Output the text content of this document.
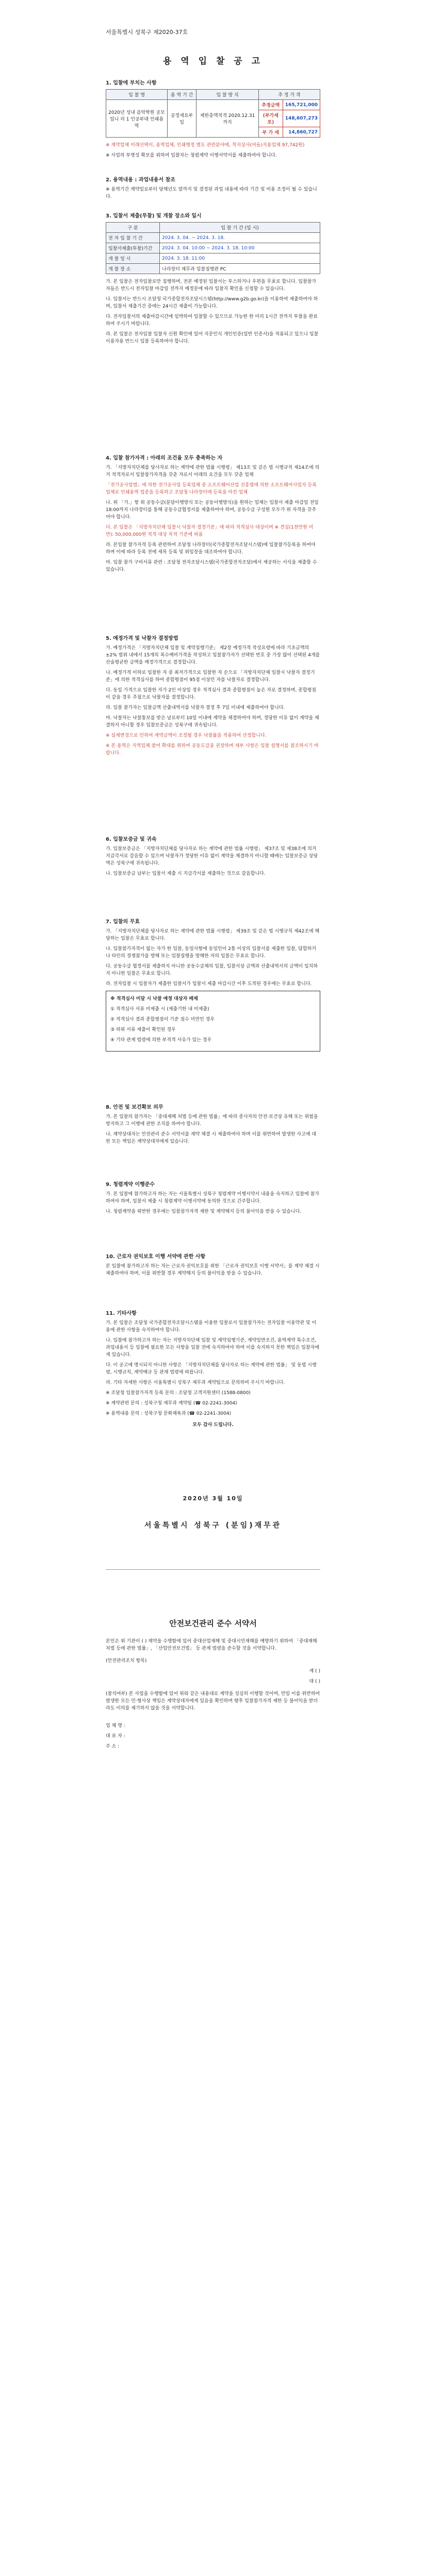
서울특별시 성북구 제2020-37호
용 역 입 찰 공 고
1. 입찰에 부치는 사항
입 찰 명	용 역 기 간	입 찰 방 식	추 정 가 격	
2020년 성내 음악학원 공모입니 리 1 인공부대 인쇄용역	공정세요부 일	제한총액적격 2020.12.31까지	추정금액	165,721,000
			(부가세포)	148,607,273
			부 가 세	14,860,727
※ 계약업체 미래선택이, 용역업체, 인쇄행정 별도 관련분야에, 착지상사(어들)지용업체 97,742원)
※ 사업의 투명성 확보를 위하여 입찰자는 청렴계약 이행서약서를 제출하여야 합니다.
2. 용역내용 : 과업내용서 참조
※ 용역기간 계약일로부터 당해년도 말까지 및 결정된 과업 내용에 따라 기간 및 비용 조정이 될 수 있습니다.
3. 입찰서 제출(투찰) 및 개찰 장소와 일시
구 분	입 찰 기 간 (일 시)
전 자 입 찰 기 간	2024. 3. 04. ~ 2024. 3. 18.
입찰서제출(투찰)기간	2024. 3. 04. 10:00 ~ 2024. 3. 18. 10:00
개 찰 일 시	2024. 3. 18. 11:00
개 찰 장 소	나라장터 재무과 입찰집행관 PC
가. 본 입찰은 전자입찰로만 집행하며, 전본 예정된 입찰서는 투스하거나 우편을 무효로 합니다. 입찰참가자들은 반드시 전자입찰 마감일 전까지 예정문에 따라 입찰지 확인을 신청할 수 있습니다.
나. 입찰서는 반드시 조달청 국가종합전자조달시스템(http://www.g2b.go.kr)을 이용하여 제출하여야 하며, 입찰서 제출기간 중에는 24시간 제출이 가능합니다.
다. 전자입찰서의 제출마감시간에 임박하여 입찰할 수 있으므로 가능한 한 미리 1시간 전까지 투찰을 완료하여 주시기 바랍니다.
라. 본 입찰은 전자입찰 입찰자 신원 확인에 있어 지문인식 개인인증(일반 인증서)을 적용되고 있으니 입찰 이용자용 반드시 입찰 등록하여야 합니다.
4. 입찰 참가자격 : 아래의 조건을 모두 충족하는 자
가. 「지방자치단체를 당사자로 하는 계약에 관한 법률 시행령」 제13조 및 같은 법 시행규칙 제14조에 의거 적격자로서 입찰참가자격을 갖춘 자로서 아래의 요건을 모두 갖춘 업체
「전기공사업법」에 의한 전기공사업 등록업체 중 소프트웨어산업 진흥법에 의한 소프트웨어사업자 등록업체로 인쇄용역 업종을 등록하고 조달청 나라장터에 등록을 마친 업체
나. 위 「가.」항 외 공동수급(분담이행방식 또는 공동이행방식)을 원하는 업체는 입찰서 제출 마감일 전일 18:00까지 나라장터를 통해 공동수급협정서를 제출하여야 하며, 공동수급 구성원 모두가 위 자격을 갖추어야 합니다.
다. 본 입찰은 「지방자치단체 입찰시 낙찰자 결정기준」에 따라 적격심사 대상이며 ※ 견실(1천만원 미만): 50,000,000원 적격 대상 목적 기준에 따름
라. 본입찰 참가자격 등록 관련하여 조달청 나라장터(국가종합전자조달시스템)에 입찰참가등록을 하여야 하며 이에 따라 등록 전에 세목 등록 및 위임장을 대조하여야 합니다.
마. 입찰 참가 구비서류 관련 : 조달청 전자조달시스템(국가종합전자조달)에서 제공하는 서식을 제출할 수 있습니다.
5. 예정가격 및 낙찰자 결정방법
가. 예정가격은 「지방자치단체 입찰 및 계약집행기준」 제2장 예정가격 작성요령에 따라 기초금액의 ±2% 범위 내에서 15개의 복수예비가격을 작성하고 입찰참가자가 선택한 번호 중 가장 많이 선택된 4개를 산술평균한 금액을 예정가격으로 결정합니다.
나. 예정가격 이하로 입찰한 자 중 최저가격으로 입찰한 자 순으로 「지방자치단체 입찰시 낙찰자 결정기준」에 의한 적격심사를 하여 종합평점이 95점 이상인 자를 낙찰자로 결정합니다.
다. 동일 가격으로 입찰한 자가 2인 이상일 경우 적격심사 결과 종합평점이 높은 자로 결정하며, 종합평점이 같을 경우 추첨으로 낙찰자를 결정합니다.
라. 입찰 참가자는 입찰금액 산출내역서를 낙찰자 결정 후 7일 이내에 제출하여야 합니다.
마. 낙찰자는 낙찰통보를 받은 날로부터 10일 이내에 계약을 체결하여야 하며, 정당한 이유 없이 계약을 체결하지 아니할 경우 입찰보증금은 성북구에 귀속됩니다.
※ 설계변경으로 인하여 계약금액이 조정될 경우 낙찰률을 적용하여 산정합니다.
※ 본 용역은 지역업체 참여 확대를 위하여 공동도급을 권장하며 세부 사항은 입찰 설명서를 참조하시기 바랍니다.
6. 입찰보증금 및 귀속
가. 입찰보증금은 「지방자치단체를 당사자로 하는 계약에 관한 법률 시행령」 제37조 및 제38조에 의거 지급각서로 갈음할 수 있으며 낙찰자가 정당한 이유 없이 계약을 체결하지 아니할 때에는 입찰보증금 상당액은 성북구에 귀속됩니다.
나. 입찰보증금 납부는 입찰서 제출 시 지급각서를 제출하는 것으로 갈음합니다.
7. 입찰의 무효
가. 「지방자치단체를 당사자로 하는 계약에 관한 법률 시행령」 제39조 및 같은 법 시행규칙 제42조에 해당하는 입찰은 무효로 합니다.
나. 입찰참가자격이 없는 자가 한 입찰, 동일사항에 동일인이 2통 이상의 입찰서를 제출한 입찰, 담합하거나 타인의 경쟁참가를 방해 또는 입찰집행을 방해한 자의 입찰은 무효로 합니다.
다. 공동수급 협정서를 제출하지 아니한 공동수급체의 입찰, 입찰서상 금액과 산출내역서의 금액이 일치하지 아니한 입찰은 무효로 합니다.
라. 전자입찰 시 입찰자가 제출한 입찰서가 입찰서 제출 마감시간 이후 도착된 경우에는 무효로 합니다.
※ 적격심사 미달 시 낙찰 예정 대상자 배제
① 적격심사 서류 미제출 시 (제출기한 내 미제출)
② 적격심사 결과 종합평점이 기준 점수 미만인 경우
③ 허위 서류 제출이 확인된 경우
④ 기타 관계 법령에 의한 부적격 사유가 있는 경우
8. 안전 및 보건확보 의무
가. 본 입찰의 참가자는 「중대재해 처벌 등에 관한 법률」에 따라 종사자의 안전·보건상 유해 또는 위험을 방지하고 그 이행에 관한 조치를 하여야 합니다.
나. 계약상대자는 안전관리 준수 서약서를 계약 체결 시 제출하여야 하며 이를 위반하여 발생한 사고에 대한 모든 책임은 계약상대자에게 있습니다.
9. 청렴계약 이행준수
가. 본 입찰에 참가하고자 하는 자는 서울특별시 성북구 청렴계약 이행서약서 내용을 숙지하고 입찰에 참가하여야 하며, 입찰서 제출 시 청렴계약 이행서약에 동의한 것으로 간주합니다.
나. 청렴계약을 위반한 경우에는 입찰참가자격 제한 및 계약해지 등의 불이익을 받을 수 있습니다.
10. 근로자 권익보호 이행 서약에 관한 사항
본 입찰에 참가하고자 하는 자는 근로자 권익보호를 위한 「근로자 권익보호 이행 서약서」를 계약 체결 시 제출하여야 하며, 이를 위반할 경우 계약해지 등의 불이익을 받을 수 있습니다.
11. 기타사항
가. 본 입찰은 조달청 국가종합전자조달시스템을 이용한 입찰로서 입찰참가자는 전자입찰 이용약관 및 이용에 관한 사항을 숙지하여야 합니다.
나. 입찰에 참가하고자 하는 자는 지방자치단체 입찰 및 계약집행기준, 계약일반조건, 용역계약 특수조건, 과업내용서 등 입찰에 필요한 모든 사항을 입찰 전에 숙지하여야 하며 이를 숙지하지 못한 책임은 입찰자에게 있습니다.
다. 이 공고에 명시되지 아니한 사항은 「지방자치단체를 당사자로 하는 계약에 관한 법률」 및 동법 시행령, 시행규칙, 계약예규 등 관계 법령에 따릅니다.
라. 기타 자세한 사항은 서울특별시 성북구 재무과 계약팀으로 문의하여 주시기 바랍니다.
※ 조달청 입찰참가자격 등록 문의 : 조달청 고객지원센터 (1588-0800)
※ 계약관련 문의 : 성북구청 재무과 계약팀 (☎ 02-2241-3004)
※ 용역내용 문의 : 성북구청 문화체육과 (☎ 02-2241-3004)
모두 감사 드립니다.
2020년 3월 10일
서울특별시 성북구 (분임)재무관
안전보건관리 준수 서약서
본인은 위 기관이 ( ) 계약을 수행함에 있어 중대산업재해 및 중대시민재해를 예방하기 위하여 「중대재해 처벌 등에 관한 법률」, 「산업안전보건법」 등 관계 법령을 준수할 것을 서약합니다.
(안전관리조치 항목)
계 ( )
대 ( )
(참석여부) 본 사업을 수행함에 있어 위와 같은 내용대로 계약을 성실히 이행할 것이며, 만일 이를 위반하여 발생한 모든 민·형사상 책임은 계약상대자에게 있음을 확인하며 향후 입찰참가자격 제한 등 불이익을 받더라도 이의를 제기하지 않을 것을 서약합니다.
업 체 명 :
대 표 자 :
주 소 :
